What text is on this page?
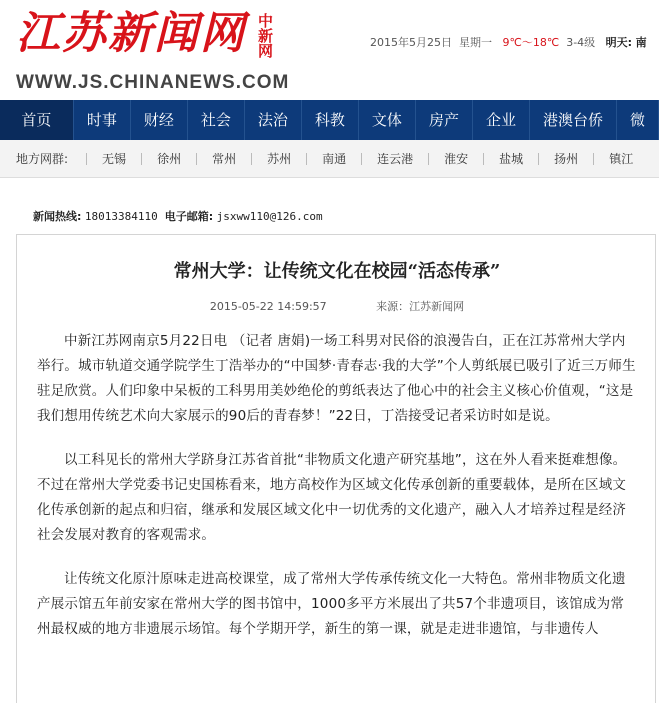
江苏新闻网 中
新
网
WWW.JS.CHINANEWS.COM
2015年5月25日 星期一 9℃～18℃ 3-4级 明天: 南
首页	时事	财经	社会	法治	科教	文体	房产	企业	港澳台侨	微
地方网群:	无锡	徐州	常州	苏州	南通	连云港	淮安	盐城	扬州	镇江
新闻热线: 18013384110 电子邮箱: jsxww110@126.com
常州大学：让传统文化在校园“活态传承”
2015-05-22 14:59:57	来源：江苏新闻网

中新江苏网南京5月22日电 （记者 唐娟)一场工科男对民俗的浪漫告白，正在江苏常州大学内举行。城市轨道交通学院学生丁浩举办的“中国梦·青春志·我的大学”个人剪纸展已吸引了近三万师生驻足欣赏。人们印象中呆板的工科男用美妙绝伦的剪纸表达了他心中的社会主义核心价值观，“这是我们想用传统艺术向大家展示的90后的青春梦！”22日，丁浩接受记者采访时如是说。

以工科见长的常州大学跻身江苏省首批“非物质文化遗产研究基地”，这在外人看来挺难想像。不过在常州大学党委书记史国栋看来，地方高校作为区域文化传承创新的重要载体，是所在区域文化传承创新的起点和归宿，继承和发展区域文化中一切优秀的文化遗产，融入人才培养过程是经济社会发展对教育的客观需求。

让传统文化原汁原味走进高校课堂，成了常州大学传承传统文化一大特色。常州非物质文化遗产展示馆五年前安家在常州大学的图书馆中，1000多平方米展出了共57个非遗项目，该馆成为常州最权威的地方非遗展示场馆。每个学期开学，新生的第一课，就是走进非遗馆，与非遗传人
